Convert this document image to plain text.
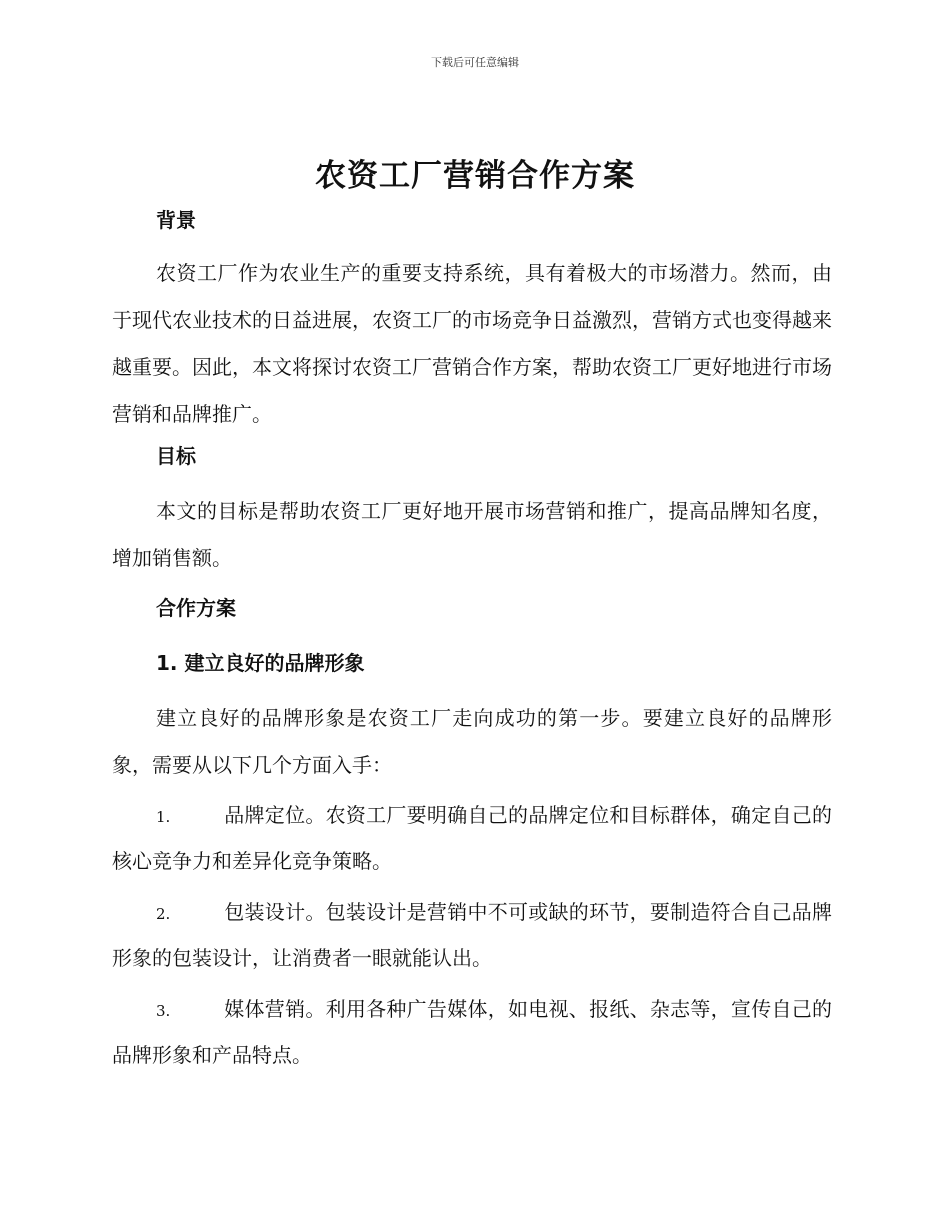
下载后可任意编辑
农资工厂营销合作方案
背景
农资工厂作为农业生产的重要支持系统，具有着极大的市场潜力。然而，由于现代农业技术的日益进展，农资工厂的市场竞争日益激烈，营销方式也变得越来越重要。因此，本文将探讨农资工厂营销合作方案，帮助农资工厂更好地进行市场营销和品牌推广。
目标
本文的目标是帮助农资工厂更好地开展市场营销和推广，提高品牌知名度，增加销售额。
合作方案
1. 建立良好的品牌形象
建立良好的品牌形象是农资工厂走向成功的第一步。要建立良好的品牌形象，需要从以下几个方面入手：
1.	品牌定位。农资工厂要明确自己的品牌定位和目标群体，确定自己的核心竞争力和差异化竞争策略。
2.	包装设计。包装设计是营销中不可或缺的环节，要制造符合自己品牌形象的包装设计，让消费者一眼就能认出。
3.	媒体营销。利用各种广告媒体，如电视、报纸、杂志等，宣传自己的品牌形象和产品特点。
